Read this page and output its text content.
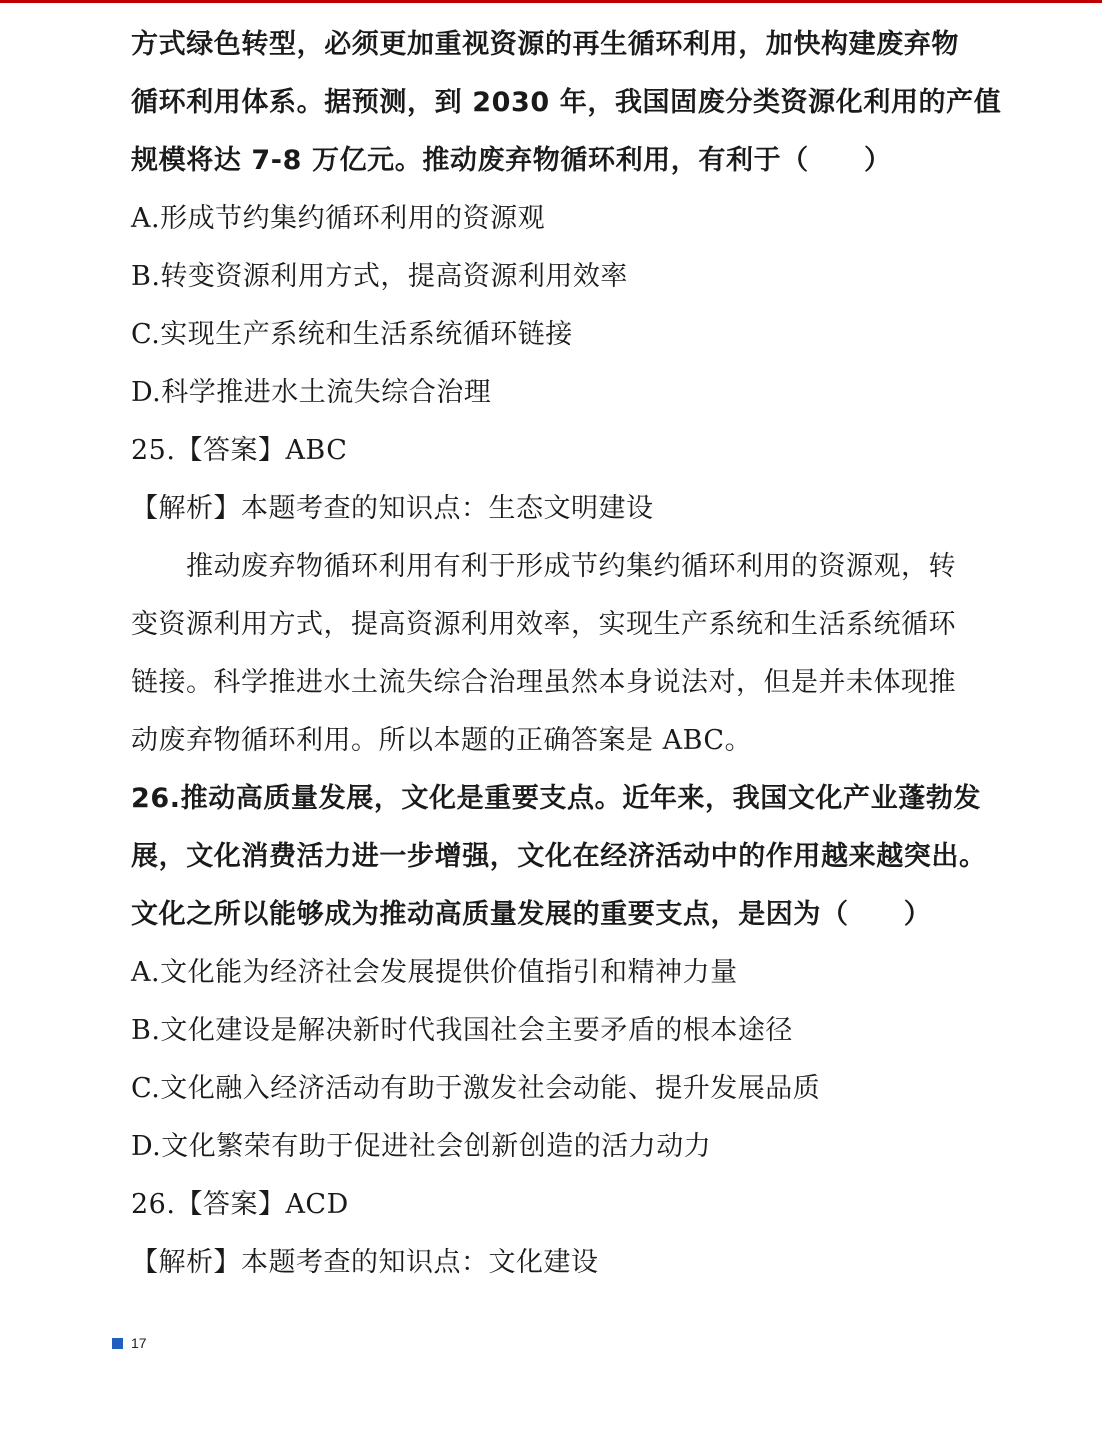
方式绿色转型，必须更加重视资源的再生循环利用，加快构建废弃物
循环利用体系。据预测，到 2030 年，我国固废分类资源化利用的产值
规模将达 7-8 万亿元。推动废弃物循环利用，有利于（　　）
A.形成节约集约循环利用的资源观
B.转变资源利用方式，提高资源利用效率
C.实现生产系统和生活系统循环链接
D.科学推进水土流失综合治理
25.【答案】ABC
【解析】本题考查的知识点：生态文明建设
推动废弃物循环利用有利于形成节约集约循环利用的资源观，转
变资源利用方式，提高资源利用效率，实现生产系统和生活系统循环
链接。科学推进水土流失综合治理虽然本身说法对，但是并未体现推
动废弃物循环利用。所以本题的正确答案是 ABC。
26.推动高质量发展，文化是重要支点。近年来，我国文化产业蓬勃发
展，文化消费活力进一步增强，文化在经济活动中的作用越来越突出。
文化之所以能够成为推动高质量发展的重要支点，是因为（　　）
A.文化能为经济社会发展提供价值指引和精神力量
B.文化建设是解决新时代我国社会主要矛盾的根本途径
C.文化融入经济活动有助于激发社会动能、提升发展品质
D.文化繁荣有助于促进社会创新创造的活力动力
26.【答案】ACD
【解析】本题考查的知识点：文化建设
17
